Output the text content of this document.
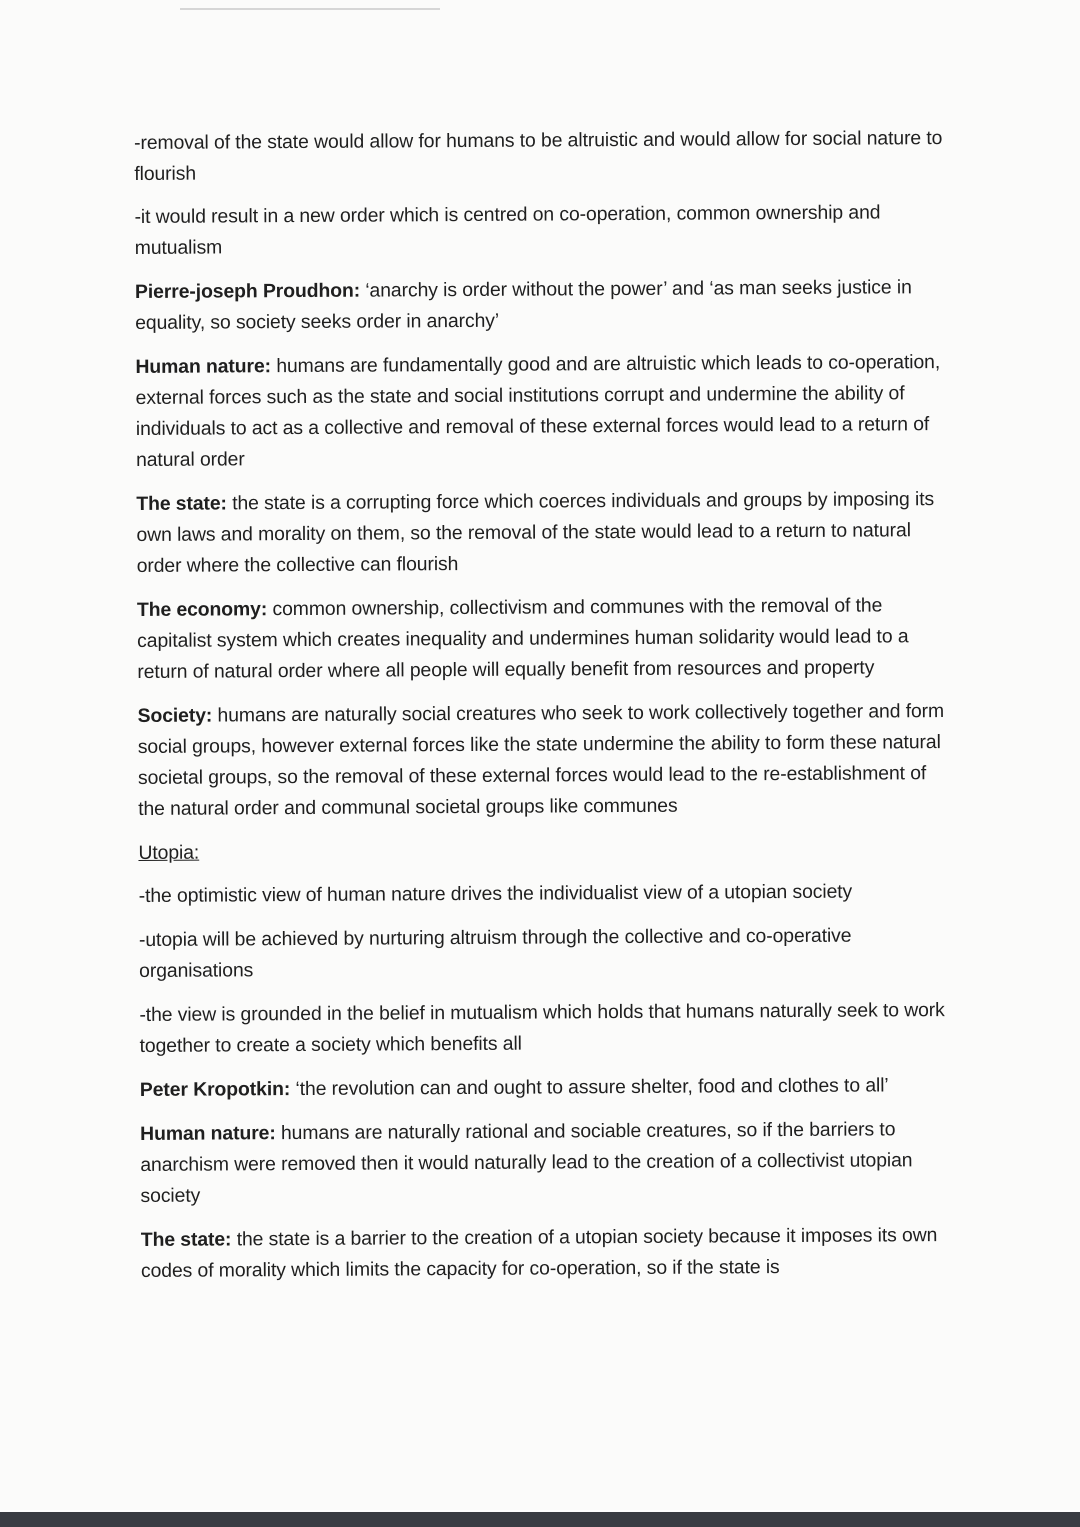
-removal of the state would allow for humans to be altruistic and would allow for social nature to flourish

-it would result in a new order which is centred on co-operation, common ownership and mutualism

Pierre-joseph Proudhon: ‘anarchy is order without the power’ and ‘as man seeks justice in equality, so society seeks order in anarchy’

Human nature: humans are fundamentally good and are altruistic which leads to co-operation, external forces such as the state and social institutions corrupt and undermine the ability of individuals to act as a collective and removal of these external forces would lead to a return of natural order

The state: the state is a corrupting force which coerces individuals and groups by imposing its own laws and morality on them, so the removal of the state would lead to a return to natural order where the collective can flourish

The economy: common ownership, collectivism and communes with the removal of the capitalist system which creates inequality and undermines human solidarity would lead to a return of natural order where all people will equally benefit from resources and property

Society: humans are naturally social creatures who seek to work collectively together and form social groups, however external forces like the state undermine the ability to form these natural societal groups, so the removal of these external forces would lead to the re-establishment of the natural order and communal societal groups like communes

Utopia:

-the optimistic view of human nature drives the individualist view of a utopian society

-utopia will be achieved by nurturing altruism through the collective and co-operative organisations

-the view is grounded in the belief in mutualism which holds that humans naturally seek to work together to create a society which benefits all

Peter Kropotkin: ‘the revolution can and ought to assure shelter, food and clothes to all’

Human nature: humans are naturally rational and sociable creatures, so if the barriers to anarchism were removed then it would naturally lead to the creation of a collectivist utopian society

The state: the state is a barrier to the creation of a utopian society because it imposes its own codes of morality which limits the capacity for co-operation, so if the state is
